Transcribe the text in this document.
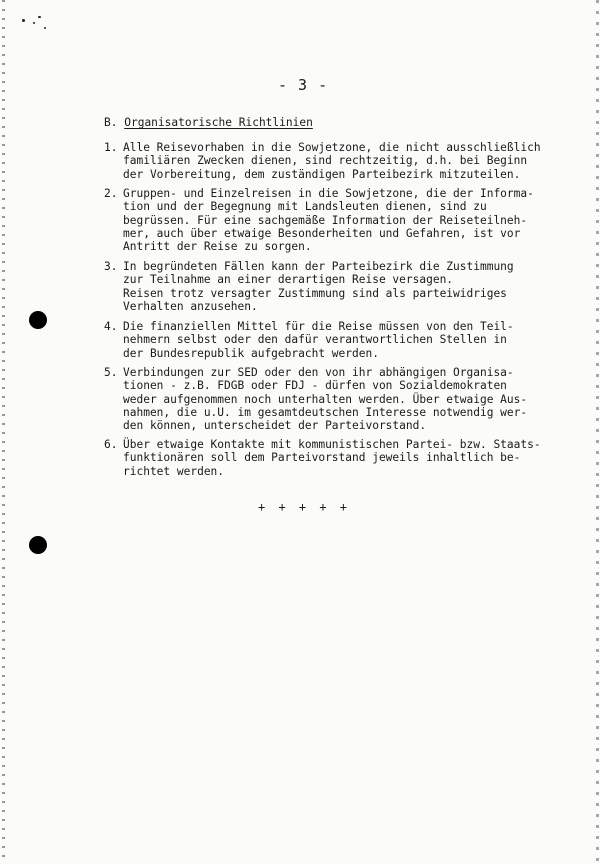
- 3 -
B. Organisatorische Richtlinien
1. Alle Reisevorhaben in die Sowjetzone, die nicht ausschließlich
familiären Zwecken dienen, sind rechtzeitig, d.h. bei Beginn
der Vorbereitung, dem zuständigen Parteibezirk mitzuteilen.
2. Gruppen- und Einzelreisen in die Sowjetzone, die der Informa-
tion und der Begegnung mit Landsleuten dienen, sind zu
begrüssen. Für eine sachgemäße Information der Reiseteilneh-
mer, auch über etwaige Besonderheiten und Gefahren, ist vor
Antritt der Reise zu sorgen.
3. In begründeten Fällen kann der Parteibezirk die Zustimmung
zur Teilnahme an einer derartigen Reise versagen.
Reisen trotz versagter Zustimmung sind als parteiwidriges
Verhalten anzusehen.
4. Die finanziellen Mittel für die Reise müssen von den Teil-
nehmern selbst oder den dafür verantwortlichen Stellen in
der Bundesrepublik aufgebracht werden.
5. Verbindungen zur SED oder den von ihr abhängigen Organisa-
tionen - z.B. FDGB oder FDJ - dürfen von Sozialdemokraten
weder aufgenommen noch unterhalten werden. Über etwaige Aus-
nahmen, die u.U. im gesamtdeutschen Interesse notwendig wer-
den können, unterscheidet der Parteivorstand.
6. Über etwaige Kontakte mit kommunistischen Partei- bzw. Staats-
funktionären soll dem Parteivorstand jeweils inhaltlich be-
richtet werden.
+ + + + +
